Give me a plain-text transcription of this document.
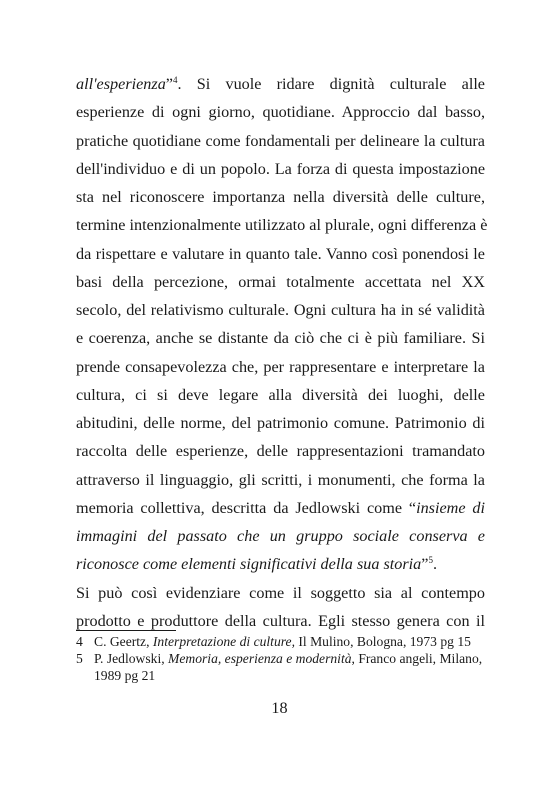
all'esperienza”$^4$. Si vuole ridare dignità culturale alle
esperienze di ogni giorno, quotidiane. Approccio dal basso,
pratiche quotidiane come fondamentali per delineare la cultura
dell'individuo e di un popolo. La forza di questa impostazione
sta nel riconoscere importanza nella diversità delle culture,
termine intenzionalmente utilizzato al plurale, ogni differenza è
da rispettare e valutare in quanto tale. Vanno così ponendosi le
basi della percezione, ormai totalmente accettata nel XX
secolo, del relativismo culturale. Ogni cultura ha in sé validità
e coerenza, anche se distante da ciò che ci è più familiare. Si
prende consapevolezza che, per rappresentare e interpretare la
cultura, ci si deve legare alla diversità dei luoghi, delle
abitudini, delle norme, del patrimonio comune. Patrimonio di
raccolta delle esperienze, delle rappresentazioni tramandato
attraverso il linguaggio, gli scritti, i monumenti, che forma la
memoria collettiva, descritta da Jedlowski come “insieme di
immagini del passato che un gruppo sociale conserva e
riconosce come elementi significativi della sua storia”$^5$.
Si può così evidenziare come il soggetto sia al contempo
prodotto e produttore della cultura. Egli stesso genera con il
4 C. Geertz, Interpretazione di culture, Il Mulino, Bologna, 1973 pg 15
5 P. Jedlowski, Memoria, esperienza e modernità, Franco angeli, Milano, 1989 pg 21
18
